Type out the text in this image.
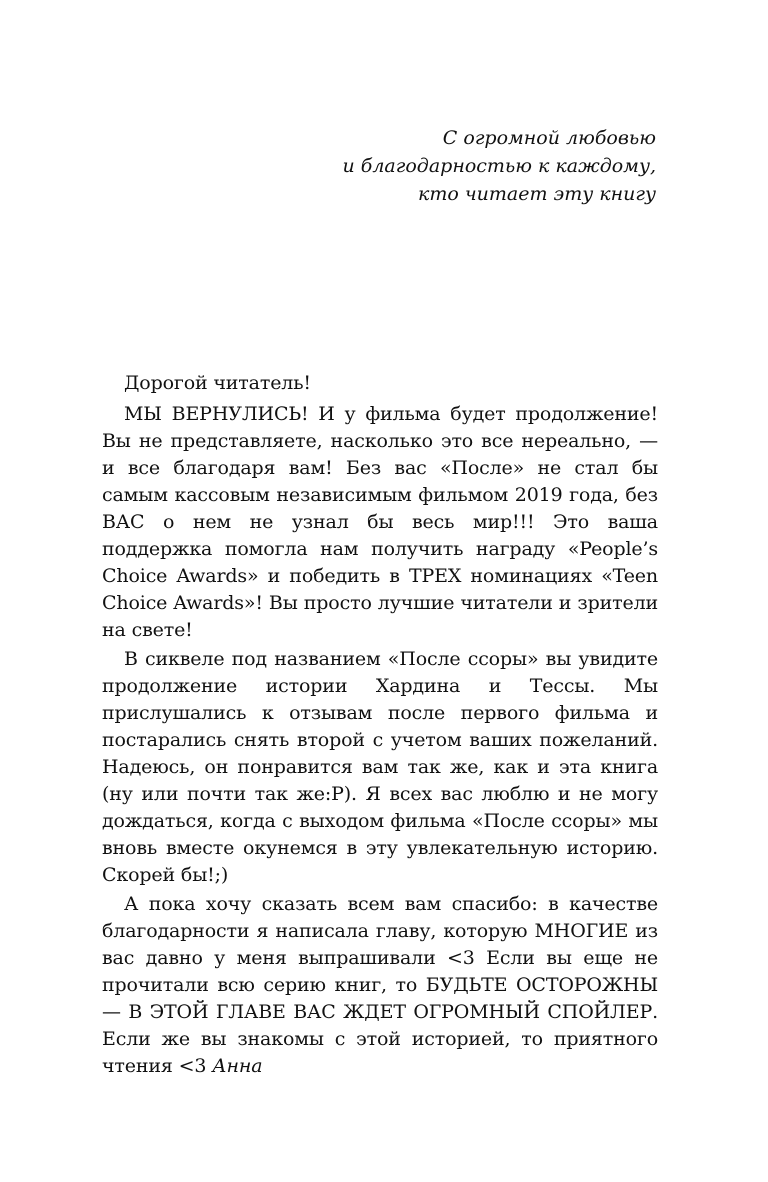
С огромной любовью
и благодарностью к каждому,
кто читает эту книгу

Дорогой читатель!

МЫ ВЕРНУЛИСЬ! И у фильма будет продолжение! Вы не представляете, насколько это все нереально, — и все благодаря вам! Без вас «После» не стал бы самым кассовым независимым фильмом 2019 года, без ВАС о нем не узнал бы весь мир!!! Это ваша поддержка помогла нам получить награду «People’s Choice Awards» и победить в ТРЕХ номинациях «Teen Choice Awards»! Вы просто лучшие читатели и зрители на свете!

В сиквеле под названием «После ссоры» вы увидите продолжение истории Хардина и Тессы. Мы прислушались к отзывам после первого фильма и постарались снять второй с учетом ваших пожеланий. Надеюсь, он понравится вам так же, как и эта книга (ну или почти так же:P). Я всех вас люблю и не могу дождаться, когда с выходом фильма «После ссоры» мы вновь вместе окунемся в эту увлекательную историю. Скорей бы!;)

А пока хочу сказать всем вам спасибо: в качестве благодарности я написала главу, которую МНОГИЕ из вас давно у меня выпрашивали <3 Если вы еще не прочитали всю серию книг, то БУДЬТЕ ОСТОРОЖНЫ — В ЭТОЙ ГЛАВЕ ВАС ЖДЕТ ОГРОМНЫЙ СПОЙЛЕР. Если же вы знакомы с этой историей, то приятного чтения <3 Анна
